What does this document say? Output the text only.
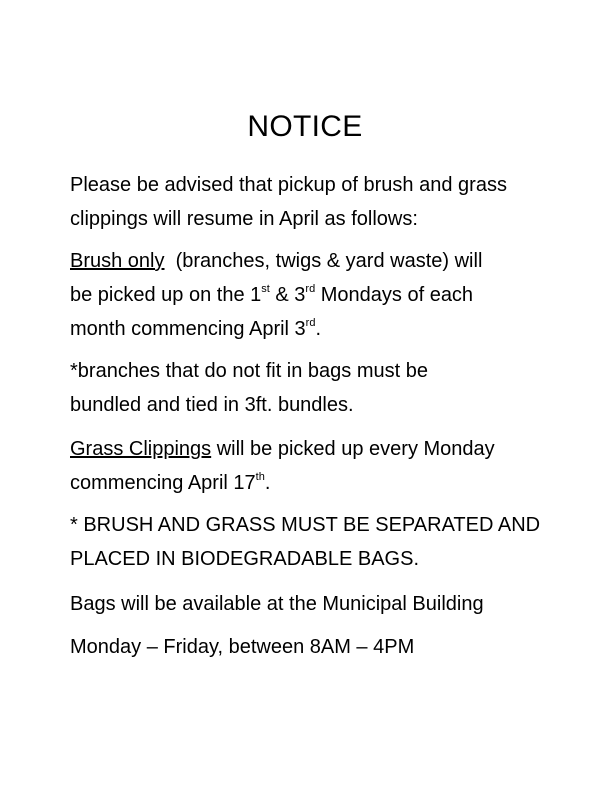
NOTICE
Please be advised that pickup of brush and grass
clippings will resume in April as follows:
Brush only  (branches, twigs & yard waste) will
be picked up on the 1st & 3rd Mondays of each
month commencing April 3rd.
*branches that do not fit in bags must be
bundled and tied in 3ft. bundles.
Grass Clippings will be picked up every Monday
commencing April 17th.
* BRUSH AND GRASS MUST BE SEPARATED AND
PLACED IN BIODEGRADABLE BAGS.
Bags will be available at the Municipal Building
Monday – Friday, between 8AM – 4PM
